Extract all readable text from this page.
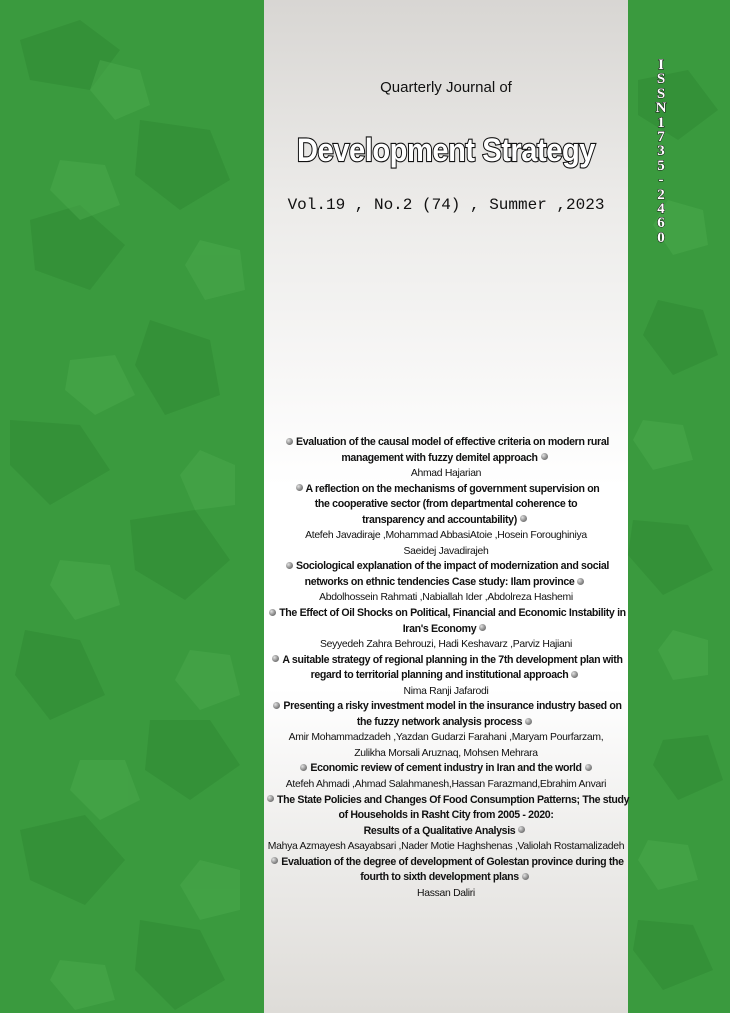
I
S
S
N
1
7
3
5
-
2
4
6
0
Quarterly Journal of
Development Strategy
Vol.19 , No.2 (74) , Summer ,2023
Evaluation of the causal model of effective criteria on modern rural
management with fuzzy demitel approach
Ahmad Hajarian
A reflection on the mechanisms of government supervision on
the cooperative sector (from departmental coherence to
transparency and accountability)
Atefeh Javadiraje ,Mohammad AbbasiAtoie ,Hosein Foroughiniya
Saeidej Javadirajeh
Sociological explanation of the impact of modernization and social
networks on ethnic tendencies Case study: Ilam province
Abdolhossein Rahmati ,Nabiallah Ider ,Abdolreza Hashemi
The Effect of Oil Shocks on Political, Financial and Economic Instability in
Iran's Economy
Seyyedeh Zahra Behrouzi, Hadi Keshavarz ,Parviz Hajiani
A suitable strategy of regional planning in the 7th development plan with
regard to territorial planning and institutional approach
Nima Ranji Jafarodi
Presenting a risky investment model in the insurance industry based on
the fuzzy network analysis process
Amir Mohammadzadeh ,Yazdan Gudarzi Farahani ,Maryam Pourfarzam,
Zulikha Morsali Aruznaq, Mohsen Mehrara
Economic review of cement industry in Iran and the world
Atefeh Ahmadi ,Ahmad Salahmanesh,Hassan Farazmand,Ebrahim Anvari
The State Policies and Changes Of Food Consumption Patterns; The study
of Households in Rasht City from 2005 - 2020:
Results of a Qualitative Analysis
Mahya Azmayesh Asayabsari ,Nader Motie Haghshenas ,Valiolah Rostamalizadeh
Evaluation of the degree of development of Golestan province during the
fourth to sixth development plans
Hassan Daliri
